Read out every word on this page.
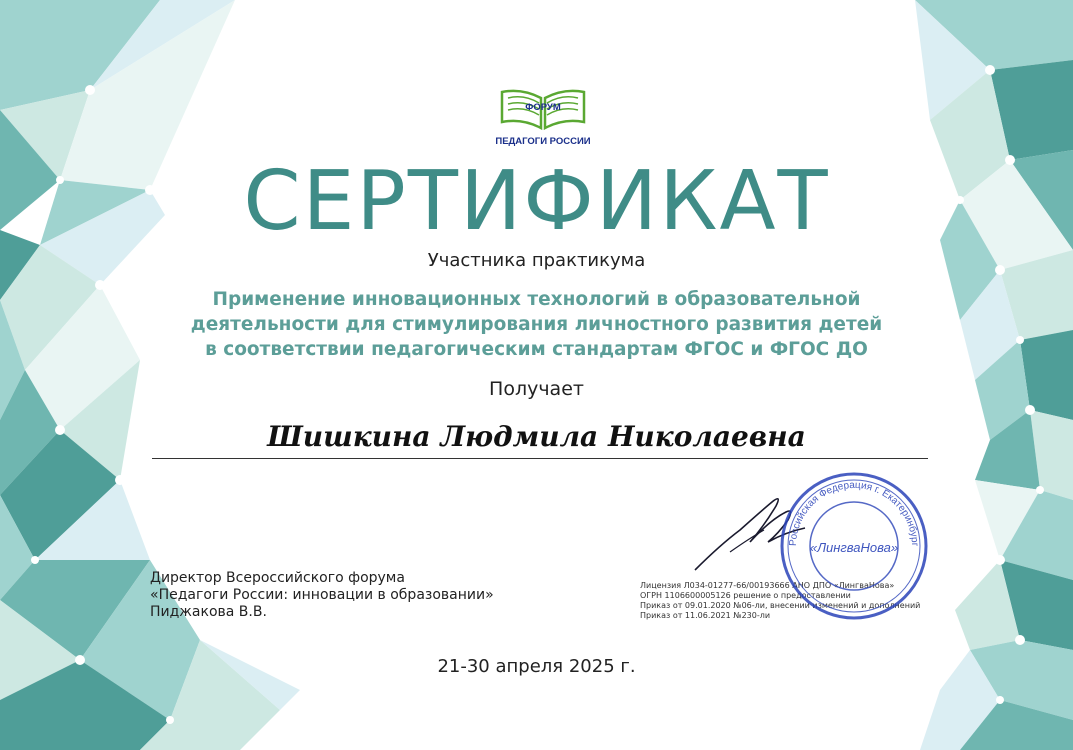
ФОРУМ
ПЕДАГОГИ РОССИИ
СЕРТИФИКАТ
Участника практикума
Применение инновационных технологий в образовательной
деятельности для стимулирования личностного развития детей
в соответствии педагогическим стандартам ФГОС и ФГОС ДО
Получает
Шишкина Людмила Николаевна
Директор Всероссийского форума
«Педагоги России: инновации в образовании»
Пиджакова В.В.
Лицензия Л034-01277-66/00193666 АНО ДПО «ЛингваНова»
ОГРН 1106600005126 решение о предоставлении
Приказ от 09.01.2020 №06-ли, внесении изменений и дополнений
Приказ от 11.06.2021 №230-ли
Российская Федерация г. Екатеринбург
«ЛингваНова»
21-30 апреля 2025 г.
